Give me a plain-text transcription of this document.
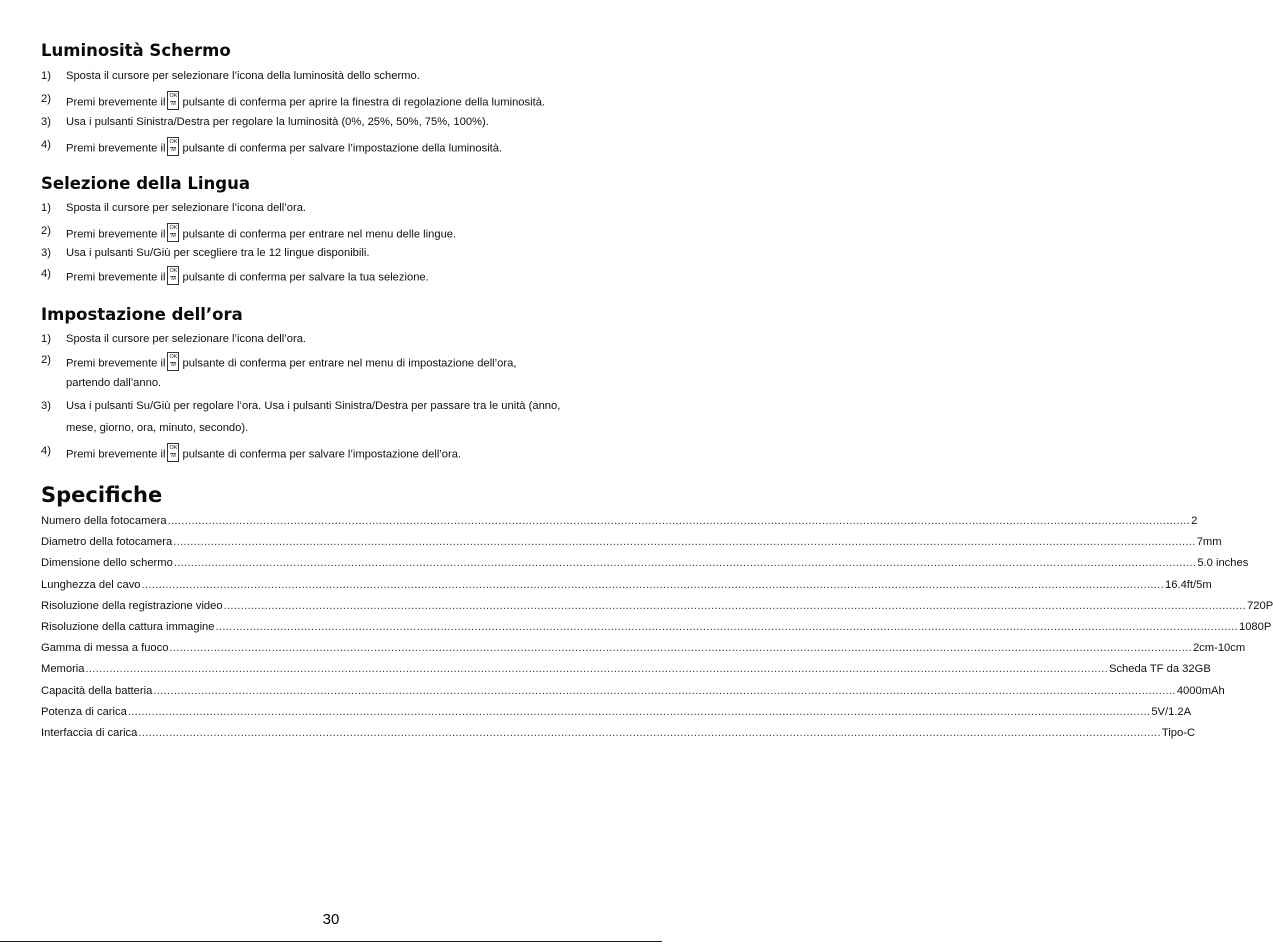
Luminosità Schermo
1) Sposta il cursore per selezionare l’icona della luminosità dello schermo.
2) Premi brevemente il $\frac{OK}{M}$ pulsante di conferma per aprire la finestra di regolazione della luminosità.
3) Usa i pulsanti Sinistra/Destra per regolare la luminosità (0%, 25%, 50%, 75%, 100%).
4) Premi brevemente il $\frac{OK}{M}$ pulsante di conferma per salvare l’impostazione della luminosità.
Selezione della Lingua
1) Sposta il cursore per selezionare l’icona dell’ora.
2) Premi brevemente il $\frac{OK}{M}$ pulsante di conferma per entrare nel menu delle lingue.
3) Usa i pulsanti Su/Giù per scegliere tra le 12 lingue disponibili.
4) Premi brevemente il $\frac{OK}{M}$ pulsante di conferma per salvare la tua selezione.
Impostazione dell’ora
1) Sposta il cursore per selezionare l’icona dell’ora.
2) Premi brevemente il $\frac{OK}{M}$ pulsante di conferma per entrare nel menu di impostazione dell’ora,
partendo dall’anno.
3) Usa i pulsanti Su/Giù per regolare l’ora. Usa i pulsanti Sinistra/Destra per passare tra le unità (anno,
mese, giorno, ora, minuto, secondo).
4) Premi brevemente il $\frac{OK}{M}$ pulsante di conferma per salvare l’impostazione dell’ora.
Specifiche
Numero della fotocamera ............................................................................................................................................................................................................................................................................................................ 2
Diametro della fotocamera ............................................................................................................................................................................................................................................................................................................ 7mm
Dimensione dello schermo ............................................................................................................................................................................................................................................................................................................ 5.0 inches
Lunghezza del cavo ............................................................................................................................................................................................................................................................................................................ 16.4ft/5m
Risoluzione della registrazione video ............................................................................................................................................................................................................................................................................................................ 720P
Risoluzione della cattura immagine ............................................................................................................................................................................................................................................................................................................ 1080P
Gamma di messa a fuoco ............................................................................................................................................................................................................................................................................................................ 2cm-10cm
Memoria ............................................................................................................................................................................................................................................................................................................ Scheda TF da 32GB
Capacità della batteria ............................................................................................................................................................................................................................................................................................................ 4000mAh
Potenza di carica ............................................................................................................................................................................................................................................................................................................ 5V/1.2A
Interfaccia di carica ............................................................................................................................................................................................................................................................................................................ Tipo-C
30
